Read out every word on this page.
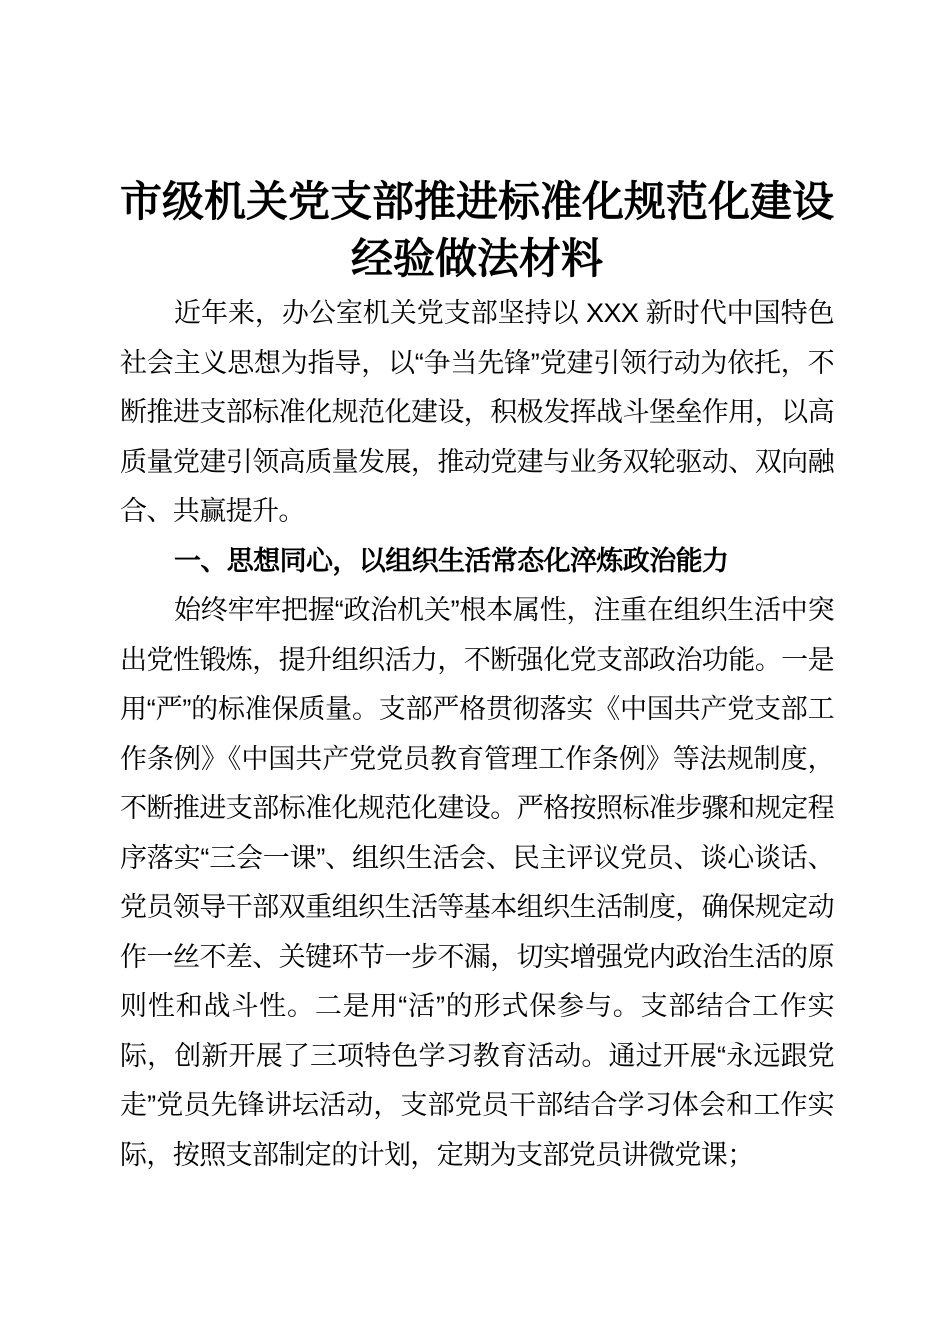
市级机关党支部推进标准化规范化建设
经验做法材料

近年来，办公室机关党支部坚持以 XXX 新时代中国特色社会主义思想为指导，以“争当先锋”党建引领行动为依托，不断推进支部标准化规范化建设，积极发挥战斗堡垒作用，以高质量党建引领高质量发展，推动党建与业务双轮驱动、双向融合、共赢提升。

一、思想同心，以组织生活常态化淬炼政治能力

始终牢牢把握“政治机关”根本属性，注重在组织生活中突出党性锻炼，提升组织活力，不断强化党支部政治功能。一是用“严”的标准保质量。支部严格贯彻落实《中国共产党支部工作条例》《中国共产党党员教育管理工作条例》等法规制度，不断推进支部标准化规范化建设。严格按照标准步骤和规定程序落实“三会一课”、组织生活会、民主评议党员、谈心谈话、党员领导干部双重组织生活等基本组织生活制度，确保规定动作一丝不差、关键环节一步不漏，切实增强党内政治生活的原则性和战斗性。二是用“活”的形式保参与。支部结合工作实际，创新开展了三项特色学习教育活动。通过开展“永远跟党走”党员先锋讲坛活动，支部党员干部结合学习体会和工作实际，按照支部制定的计划，定期为支部党员讲微党课；
